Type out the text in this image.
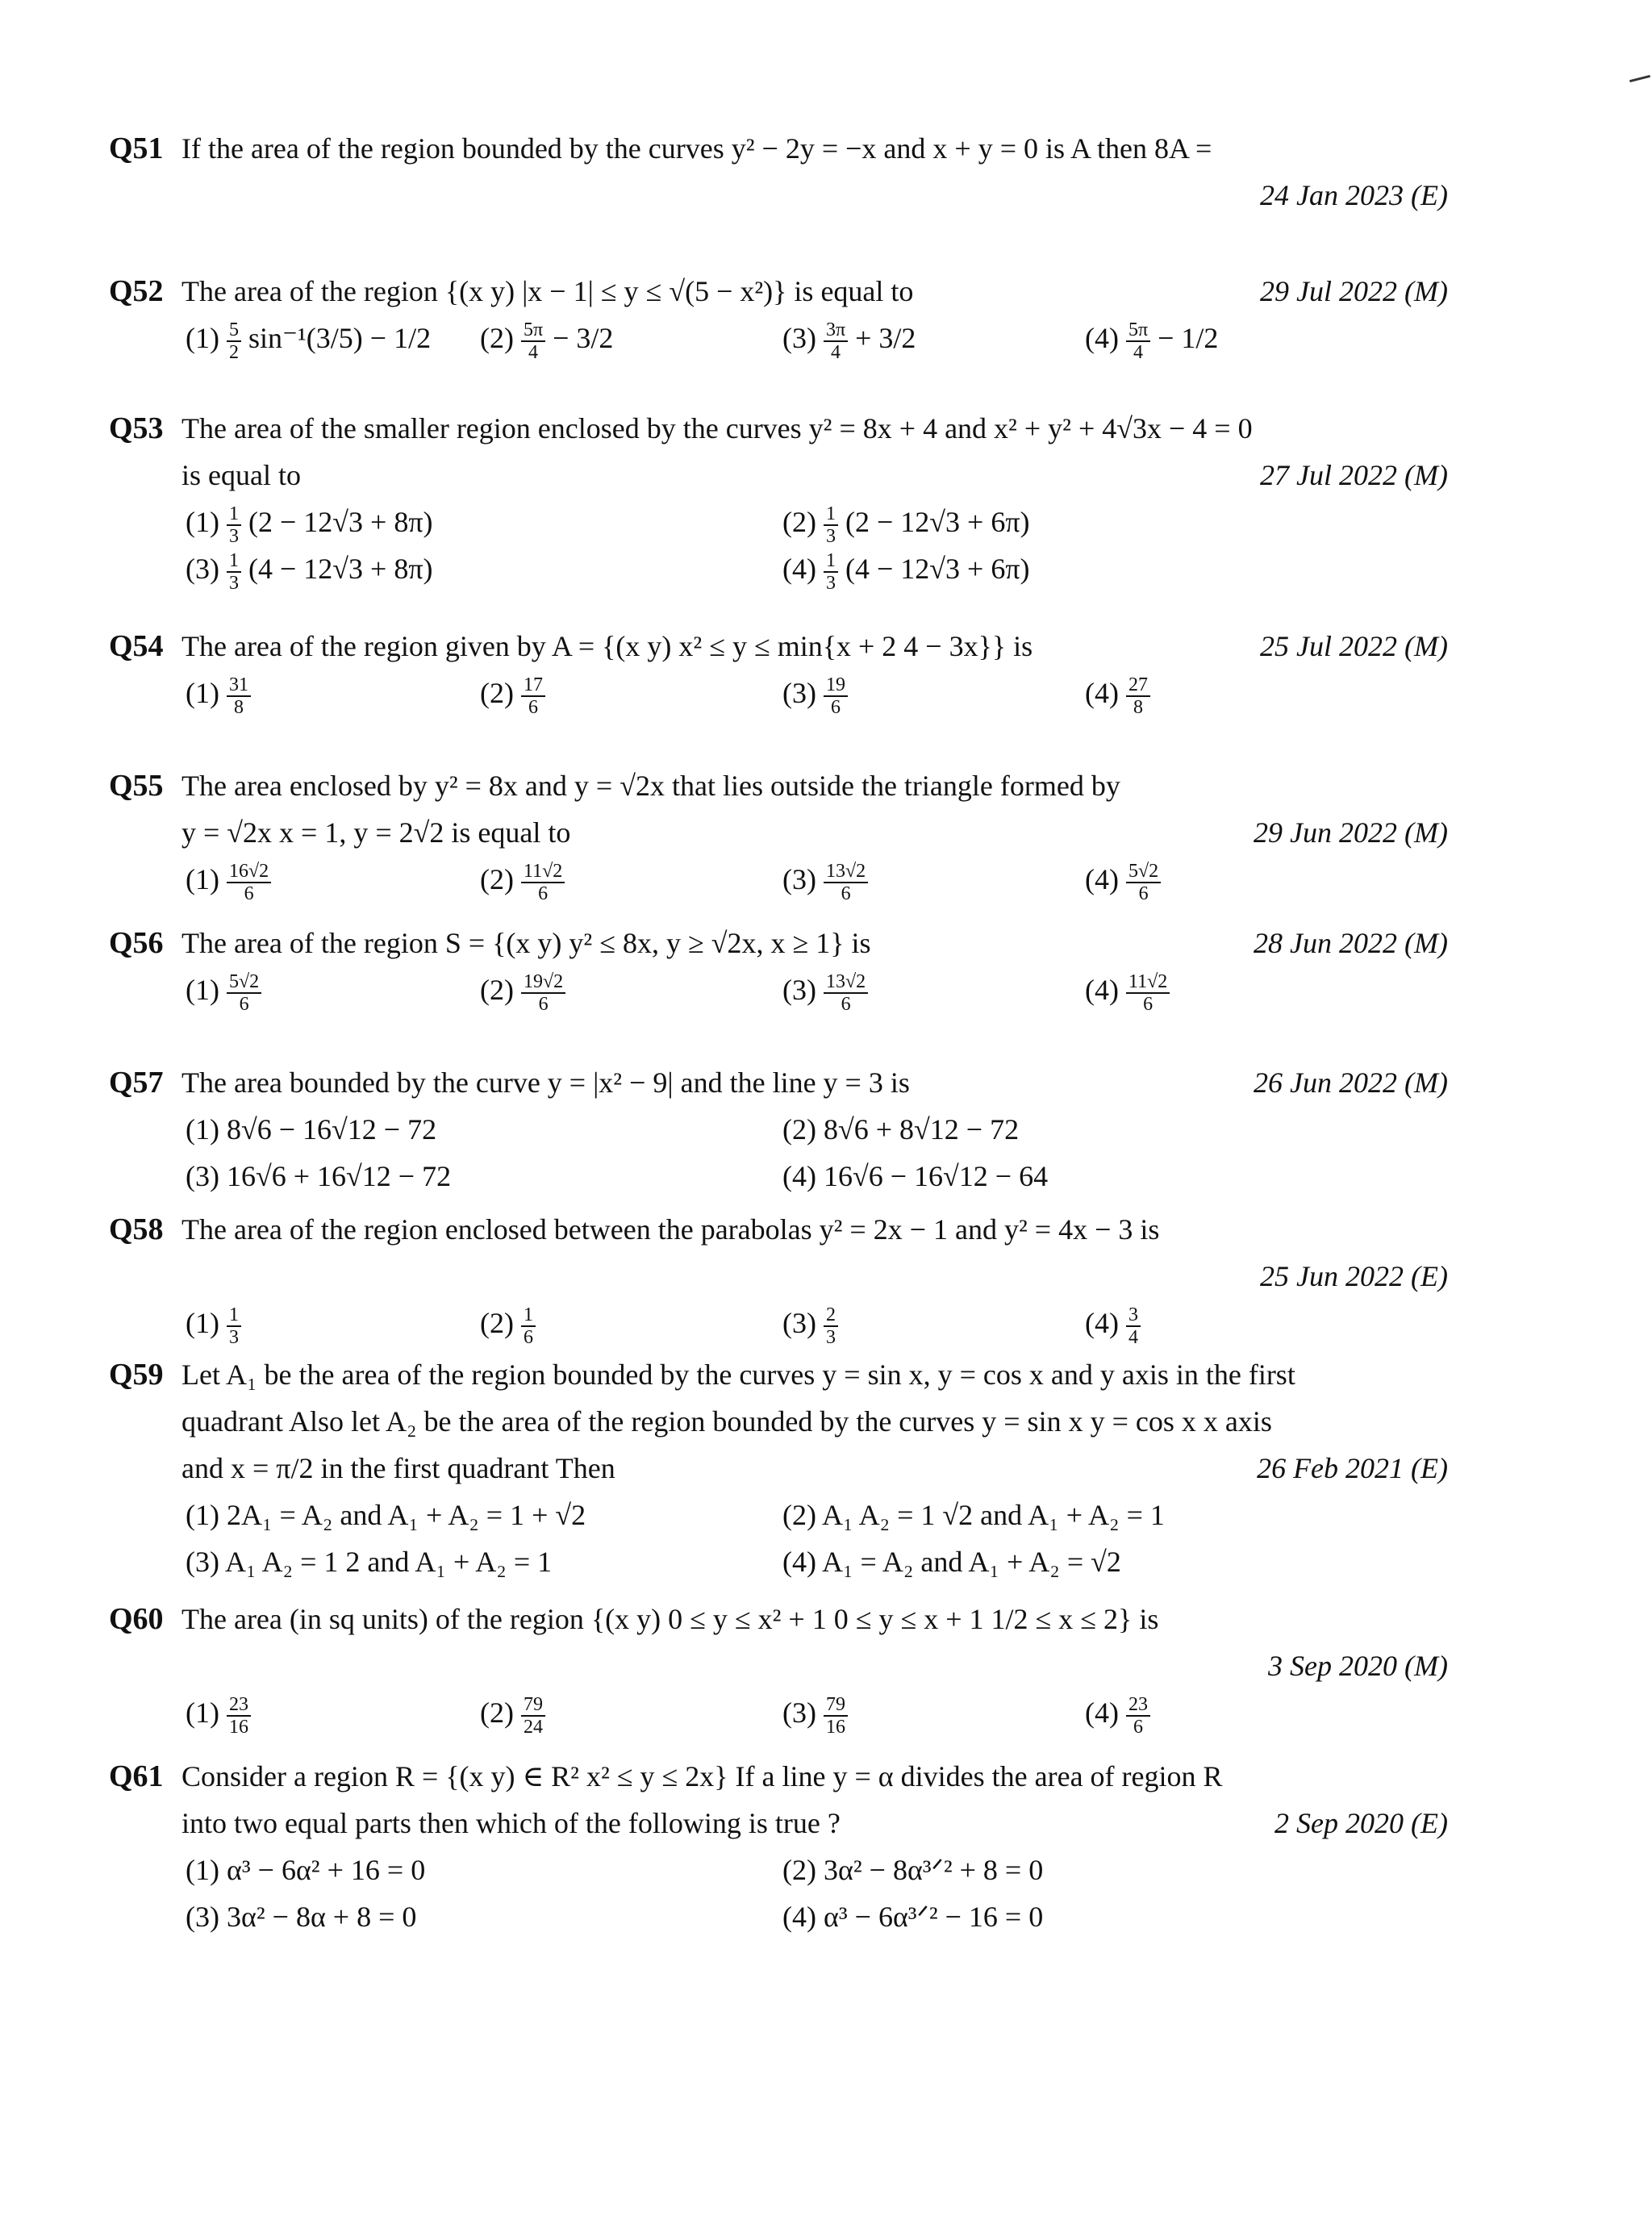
Q51 If the area of the region bounded by the curves y² − 2y = −x and x + y = 0 is A then 8A =
24 Jan 2023 (E)
Q52 The area of the region {(x y) |x − 1| ≤ y ≤ √(5 − x²)} is equal to	29 Jul 2022 (M)
$(1) \frac{5}{2} \sin^{-1}(3/5) - 1/2$ $(2) \frac{5\pi}{4} - 3/2$	$(3) \frac{3\pi}{4} + 3/2$	$(4) \frac{5\pi}{4} - 1/2$
Q53 The area of the smaller region enclosed by the curves y² = 8x + 4 and x² + y² + 4√3x − 4 = 0
is equal to	27 Jul 2022 (M)
$(1) \frac{1}{3} (2 - 12√3 + 8\pi)$	$(2) \frac{1}{3} (2 - 12√3 + 6\pi)$
$(3) \frac{1}{3} (4 - 12√3 + 8\pi)$	$(4) \frac{1}{3} (4 - 12√3 + 6\pi)$
Q54 The area of the region given by A = {(x y) x² ≤ y ≤ min{x + 2 4 − 3x}} is	25 Jul 2022 (M)
$(1) \frac{31}{8}$	$(2) \frac{17}{6}$	$(3) \frac{19}{6}$	$(4) \frac{27}{8}$
Q55 The area enclosed by y² = 8x and y = √2x that lies outside the triangle formed by
y = √2x x = 1, y = 2√2 is equal to	29 Jun 2022 (M)
$(1) \frac{16√2}{6}$	$(2) \frac{11√2}{6}$	$(3) \frac{13√2}{6}$	$(4) \frac{5√2}{6}$
Q56 The area of the region S = {(x y) y² ≤ 8x, y ≥ √2x, x ≥ 1} is	28 Jun 2022 (M)
$(1) \frac{5√2}{6}$	$(2) \frac{19√2}{6}$	$(3) \frac{13√2}{6}$	$(4) \frac{11√2}{6}$
Q57 The area bounded by the curve y = |x² − 9| and the line y = 3 is	26 Jun 2022 (M)
(1) 8√6 − 16√12 − 72	(2) 8√6 + 8√12 − 72
(3) 16√6 + 16√12 − 72	(4) 16√6 − 16√12 − 64
Q58 The area of the region enclosed between the parabolas y² = 2x − 1 and y² = 4x − 3 is
25 Jun 2022 (E)
$(1) \frac{1}{3}$	$(2) \frac{1}{6}$	$(3) \frac{2}{3}$	$(4) \frac{3}{4}$
Q59 Let A₁ be the area of the region bounded by the curves y = sin x, y = cos x and y axis in the first
quadrant Also let A₂ be the area of the region bounded by the curves y = sin x y = cos x x axis
and x = π/2 in the first quadrant Then	26 Feb 2021 (E)
(1) 2A₁ = A₂ and A₁ + A₂ = 1 + √2	(2) A₁ A₂ = 1 √2 and A₁ + A₂ = 1
(3) A₁ A₂ = 1 2 and A₁ + A₂ = 1	(4) A₁ = A₂ and A₁ + A₂ = √2
Q60 The area (in sq units) of the region {(x y) 0 ≤ y ≤ x² + 1 0 ≤ y ≤ x + 1 1/2 ≤ x ≤ 2} is
3 Sep 2020 (M)
$(1) \frac{23}{16}$	$(2) \frac{79}{24}$	$(3) \frac{79}{16}$	$(4) \frac{23}{6}$
Q61 Consider a region R = {(x y) ∈ R² x² ≤ y ≤ 2x} If a line y = α divides the area of region R
into two equal parts then which of the following is true ?	2 Sep 2020 (E)
(1) α³ − 6α² + 16 = 0	(2) 3α² − 8α³ᐟ² + 8 = 0
(3) 3α² − 8α + 8 = 0	(4) α³ − 6α³ᐟ² − 16 = 0
